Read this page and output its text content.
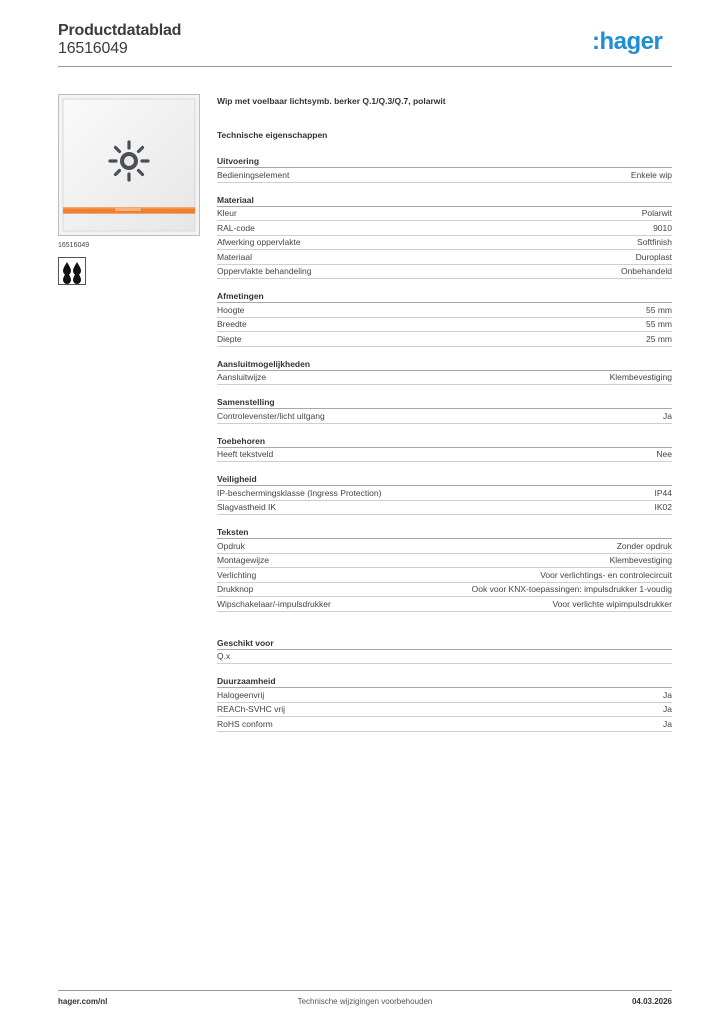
Productdatablad
16516049	:hager
16516049
Wip met voelbaar lichtsymb. berker Q.1/Q.3/Q.7, polarwit
Technische eigenschappen
Uitvoering
Bedieningselement	Enkele wip
Materiaal
Kleur	Polarwit
RAL-code	9010
Afwerking oppervlakte	Softfinish
Materiaal	Duroplast
Oppervlakte behandeling	Onbehandeld
Afmetingen
Hoogte	55 mm
Breedte	55 mm
Diepte	25 mm
Aansluitmogelijkheden
Aansluitwijze	Klembevestiging
Samenstelling
Controlevenster/licht uitgang	Ja
Toebehoren
Heeft tekstveld	Nee
Veiligheid
IP-beschermingsklasse (Ingress Protection)	IP44
Slagvastheid IK	IK02
Teksten
Opdruk	Zonder opdruk
Montagewijze	Klembevestiging
Verlichting	Voor verlichtings- en controlecircuit
Drukknop	Ook voor KNX-toepassingen: impulsdrukker 1-voudig
Wipschakelaar/-impulsdrukker	Voor verlichte wipimpulsdrukker
Geschikt voor
Q.x
Duurzaamheid
Halogeenvrij	Ja
REACh-SVHC vrij	Ja
RoHS conform	Ja
hager.com/nl	Technische wijzigingen voorbehouden	04.03.2026
